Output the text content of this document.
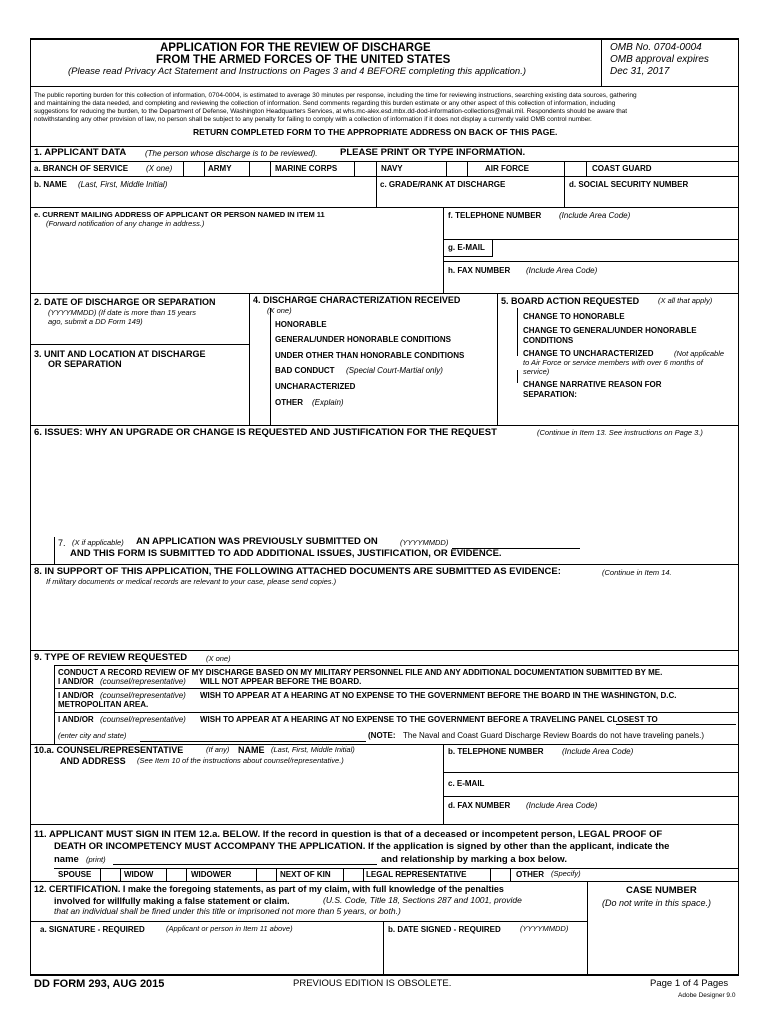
APPLICATION FOR THE REVIEW OF DISCHARGE
FROM THE ARMED FORCES OF THE UNITED STATES
(Please read Privacy Act Statement and Instructions on Pages 3 and 4 BEFORE completing this application.)
OMB No. 0704-0004
OMB approval expires
Dec 31, 2017
The public reporting burden for this collection of information, 0704-0004, is estimated to average 30 minutes per response, including the time for reviewing instructions, searching existing data sources, gathering
and maintaining the data needed, and completing and reviewing the collection of information. Send comments regarding this burden estimate or any other aspect of this collection of information, including
suggestions for reducing the burden, to the Department of Defense, Washington Headquarters Services, at whs.mc-alex.esd.mbx.dd-dod-information-collections@mail.mil. Respondents should be aware that
notwithstanding any other provision of law, no person shall be subject to any penalty for failing to comply with a collection of information if it does not display a currently valid OMB control number.
RETURN COMPLETED FORM TO THE APPROPRIATE ADDRESS ON BACK OF THIS PAGE.
1. APPLICANT DATA (The person whose discharge is to be reviewed). PLEASE PRINT OR TYPE INFORMATION.
a. BRANCH OF SERVICE (X one)	ARMY	MARINE CORPS	NAVY	AIR FORCE	COAST GUARD
b. NAME (Last, First, Middle Initial)	c. GRADE/RANK AT DISCHARGE	d. SOCIAL SECURITY NUMBER
e. CURRENT MAILING ADDRESS OF APPLICANT OR PERSON NAMED IN ITEM 11
(Forward notification of any change in address.)
f. TELEPHONE NUMBER (Include Area Code)
g. E-MAIL
h. FAX NUMBER (Include Area Code)
2. DATE OF DISCHARGE OR SEPARATION
(YYYYMMDD) (If date is more than 15 years
ago, submit a DD Form 149)
3. UNIT AND LOCATION AT DISCHARGE
OR SEPARATION
4. DISCHARGE CHARACTERIZATION RECEIVED
(X one)
HONORABLE
GENERAL/UNDER HONORABLE CONDITIONS
UNDER OTHER THAN HONORABLE CONDITIONS
BAD CONDUCT (Special Court-Martial only)
UNCHARACTERIZED
OTHER (Explain)
5. BOARD ACTION REQUESTED	(X all that apply)
CHANGE TO HONORABLE
CHANGE TO GENERAL/UNDER HONORABLE
CONDITIONS
CHANGE TO UNCHARACTERIZED	(Not applicable
to Air Force or service members with over 6 months of
service)
CHANGE NARRATIVE REASON FOR
SEPARATION:
6. ISSUES: WHY AN UPGRADE OR CHANGE IS REQUESTED AND JUSTIFICATION FOR THE REQUEST	(Continue in Item 13. See instructions on Page 3.)
7. (X if applicable) AN APPLICATION WAS PREVIOUSLY SUBMITTED ON	(YYYYMMDD)
AND THIS FORM IS SUBMITTED TO ADD ADDITIONAL ISSUES, JUSTIFICATION, OR EVIDENCE.
8. IN SUPPORT OF THIS APPLICATION, THE FOLLOWING ATTACHED DOCUMENTS ARE SUBMITTED AS EVIDENCE:	(Continue in Item 14.
If military documents or medical records are relevant to your case, please send copies.)
9. TYPE OF REVIEW REQUESTED	(X one)
CONDUCT A RECORD REVIEW OF MY DISCHARGE BASED ON MY MILITARY PERSONNEL FILE AND ANY ADDITIONAL DOCUMENTATION SUBMITTED BY ME.
I AND/OR (counsel/representative) WILL NOT APPEAR BEFORE THE BOARD.
I AND/OR (counsel/representative) WISH TO APPEAR AT A HEARING AT NO EXPENSE TO THE GOVERNMENT BEFORE THE BOARD IN THE WASHINGTON, D.C.
METROPOLITAN AREA.
I AND/OR (counsel/representative) WISH TO APPEAR AT A HEARING AT NO EXPENSE TO THE GOVERNMENT BEFORE A TRAVELING PANEL CLOSEST TO
(enter city and state)	(NOTE: The Naval and Coast Guard Discharge Review Boards do not have traveling panels.)
10.a. COUNSEL/REPRESENTATIVE	(If any) NAME (Last, First, Middle Initial)
AND ADDRESS (See Item 10 of the instructions about counsel/representative.)
b. TELEPHONE NUMBER (Include Area Code)
c. E-MAIL
d. FAX NUMBER (Include Area Code)
11. APPLICANT MUST SIGN IN ITEM 12.a. BELOW. If the record in question is that of a deceased or incompetent person, LEGAL PROOF OF
DEATH OR INCOMPETENCY MUST ACCOMPANY THE APPLICATION. If the application is signed by other than the applicant, indicate the
name (print)	and relationship by marking a box below.
SPOUSE	WIDOW	WIDOWER	NEXT OF KIN	LEGAL REPRESENTATIVE	OTHER (Specify)
12. CERTIFICATION. I make the foregoing statements, as part of my claim, with full knowledge of the penalties
involved for willfully making a false statement or claim.	(U.S. Code, Title 18, Sections 287 and 1001, provide
that an individual shall be fined under this title or imprisoned not more than 5 years, or both.)
CASE NUMBER
(Do not write in this space.)
a. SIGNATURE - REQUIRED	(Applicant or person in Item 11 above)	b. DATE SIGNED - REQUIRED	(YYYYMMDD)
DD FORM 293, AUG 2015	PREVIOUS EDITION IS OBSOLETE.	Page 1 of 4 Pages
Adobe Designer 9.0
